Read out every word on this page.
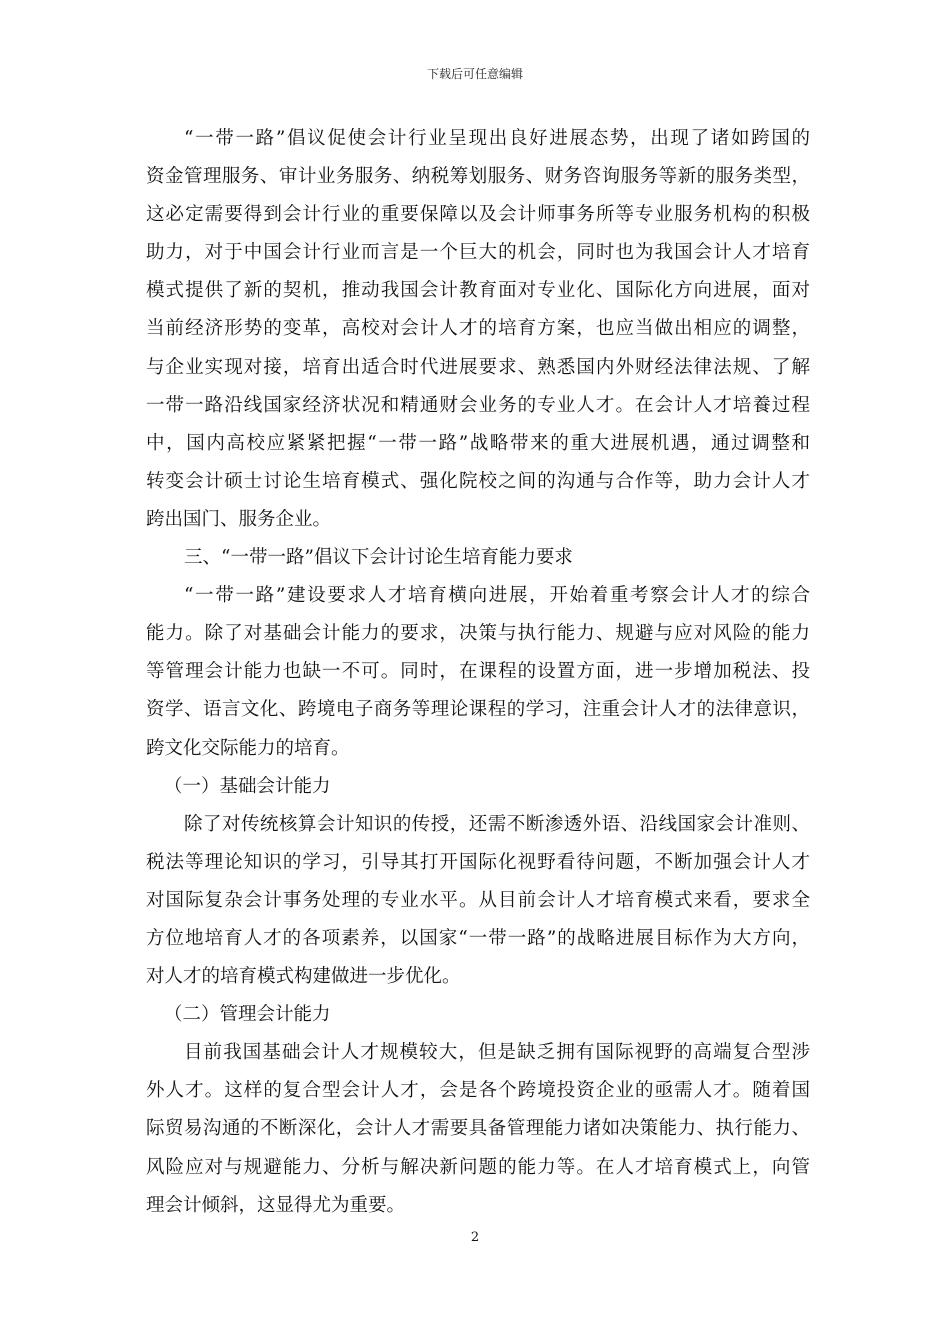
下载后可任意编辑
“一带一路”倡议促使会计行业呈现出良好进展态势，出现了诸如跨国的
资金管理服务、审计业务服务、纳税筹划服务、财务咨询服务等新的服务类型，
这必定需要得到会计行业的重要保障以及会计师事务所等专业服务机构的积极
助力，对于中国会计行业而言是一个巨大的机会，同时也为我国会计人才培育
模式提供了新的契机，推动我国会计教育面对专业化、国际化方向进展，面对
当前经济形势的变革，高校对会计人才的培育方案，也应当做出相应的调整，
与企业实现对接，培育出适合时代进展要求、熟悉国内外财经法律法规、了解
一带一路沿线国家经济状况和精通财会业务的专业人才。在会计人才培養过程
中，国内高校应紧紧把握“一带一路”战略带来的重大进展机遇，通过调整和
转变会计硕士讨论生培育模式、强化院校之间的沟通与合作等，助力会计人才
跨出国门、服务企业。
三、“一带一路”倡议下会计讨论生培育能力要求
“一带一路”建设要求人才培育横向进展，开始着重考察会计人才的综合
能力。除了对基础会计能力的要求，决策与执行能力、规避与应对风险的能力
等管理会计能力也缺一不可。同时，在课程的设置方面，进一步增加税法、投
资学、语言文化、跨境电子商务等理论课程的学习，注重会计人才的法律意识，
跨文化交际能力的培育。
（一）基础会计能力
除了对传统核算会计知识的传授，还需不断渗透外语、沿线国家会计准则、
税法等理论知识的学习，引导其打开国际化视野看待问题，不断加强会计人才
对国际复杂会计事务处理的专业水平。从目前会计人才培育模式来看，要求全
方位地培育人才的各项素养，以国家“一带一路”的战略进展目标作为大方向，
对人才的培育模式构建做进一步优化。
（二）管理会计能力
目前我国基础会计人才规模较大，但是缺乏拥有国际视野的高端复合型涉
外人才。这样的复合型会计人才，会是各个跨境投资企业的亟需人才。随着国
际贸易沟通的不断深化，会计人才需要具备管理能力诸如决策能力、执行能力、
风险应对与规避能力、分析与解决新问题的能力等。在人才培育模式上，向管
理会计倾斜，这显得尤为重要。
2
